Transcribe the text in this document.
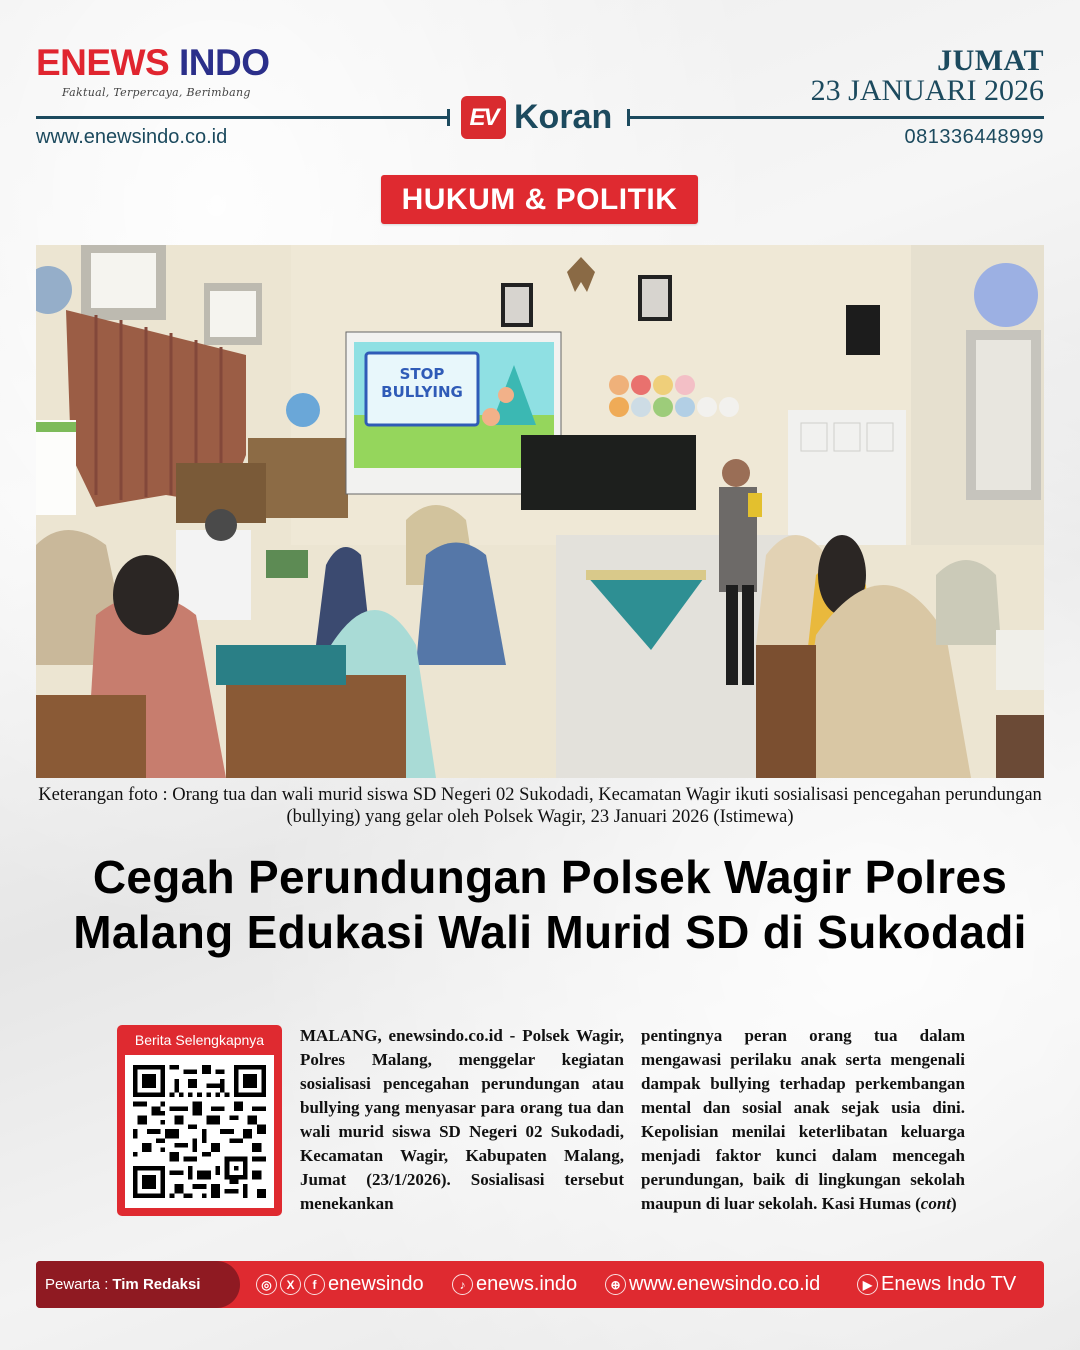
ENEWS INDO
Faktual, Terpercaya, Berimbang
JUMAT
23 JANUARI 2026
EV Koran
www.enewsindo.co.id	081336448999
HUKUM & POLITIK
STOP
BULLYING
Keterangan foto : Orang tua dan wali murid siswa SD Negeri 02 Sukodadi, Kecamatan Wagir ikuti sosialisasi pencegahan perundungan (bullying) yang gelar oleh Polsek Wagir, 23 Januari 2026 (Istimewa)
Cegah Perundungan Polsek Wagir Polres Malang Edukasi Wali Murid SD di Sukodadi
Berita Selengkapnya	MALANG, enewsindo.co.id - Polsek Wagir, Polres Malang, menggelar kegiatan sosialisasi pencegahan perundungan atau bullying yang menyasar para orang tua dan wali murid siswa SD Negeri 02 Sukodadi, Kecamatan Wagir, Kabupaten Malang, Jumat (23/1/2026). Sosialisasi tersebut menekankan
pentingnya peran orang tua dalam mengawasi perilaku anak serta mengenali dampak bullying terhadap perkembangan mental dan sosial anak sejak usia dini. Kepolisian menilai keterlibatan keluarga menjadi faktor kunci dalam mencegah perundungan, baik di lingkungan sekolah maupun di luar sekolah. Kasi Humas (cont)
Pewarta : Tim Redaksi	◎	X	f enewsindo	♪ enews.indo	⊕ www.enewsindo.co.id	▶ Enews Indo TV
